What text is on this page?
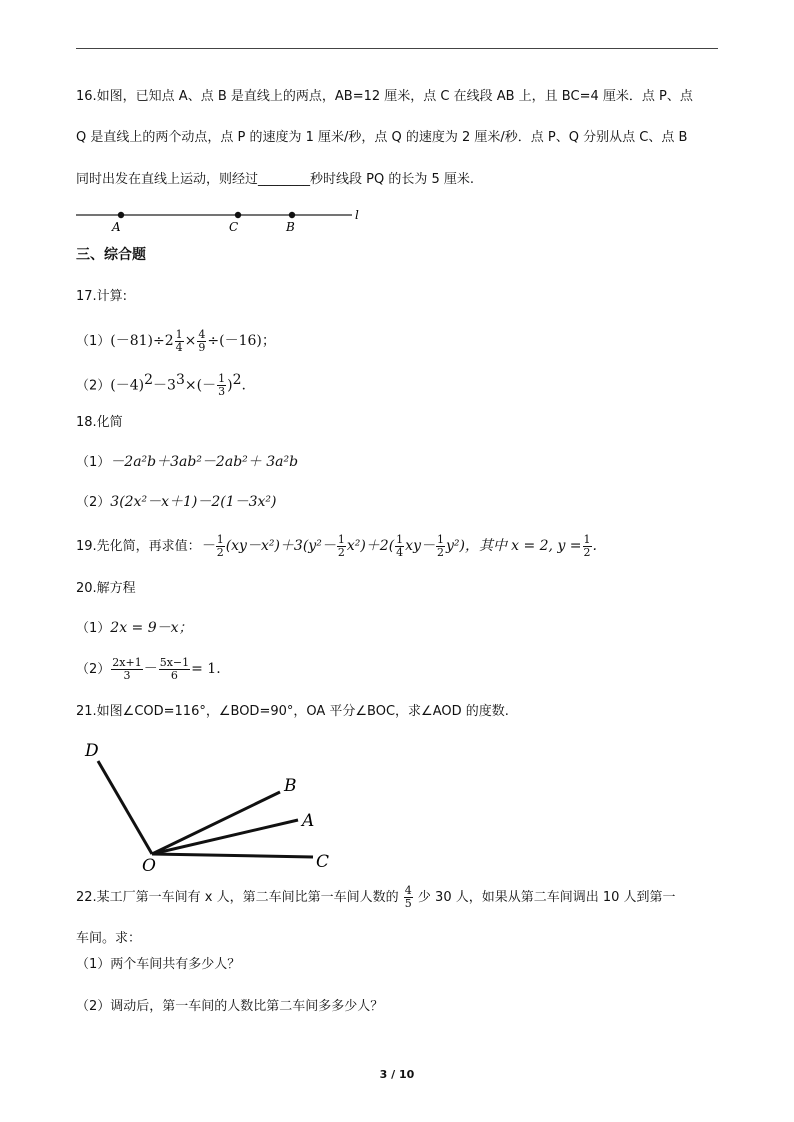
16.如图，已知点 A、点 B 是直线上的两点，AB=12 厘米，点 C 在线段 AB 上，且 BC=4 厘米．点 P、点
Q 是直线上的两个动点，点 P 的速度为 1 厘米/秒，点 Q 的速度为 2 厘米/秒．点 P、Q 分别从点 C、点 B
同时出发在直线上运动，则经过________秒时线段 PQ 的长为 5 厘米.
A	C	B
l
三、综合题
17.计算:
$(1)(-81)\div 2 \frac{1}{4} \times \frac{4}{9} \div(-16)$；
$(2)(-4)^2-3^3\times(- \frac{1}{3} )^2$.
18.化简
（1）－2a²b＋3ab²－2ab²＋ 3a²b
（2）3(2x²－x＋1)－2(1－3x²)
19.先化简，再求值：－ $\frac{1}{2} (xy-x^2)+3(y^2- \frac{1}{2} x^2)+2( \frac{1}{4} xy- \frac{1}{2} y^2)$，其中 x = 2, $y = \frac{1}{2}$ .
20.解方程
（1）2x = 9－x；
$(2) \frac{2x+1}{3} - \frac{5x-1}{6} = 1$.
21.如图∠COD=116°，∠BOD=90°，OA 平分∠BOC，求∠AOD 的度数.
D
B
A
O	C
22.某工厂第一车间有 x 人，第二车间比第一车间人数的 $\frac{4}{5}$ 少 30 人，如果从第二车间调出 10 人到第一
车间。求：
（1）两个车间共有多少人？
（2）调动后，第一车间的人数比第二车间多多少人？
3 / 10
